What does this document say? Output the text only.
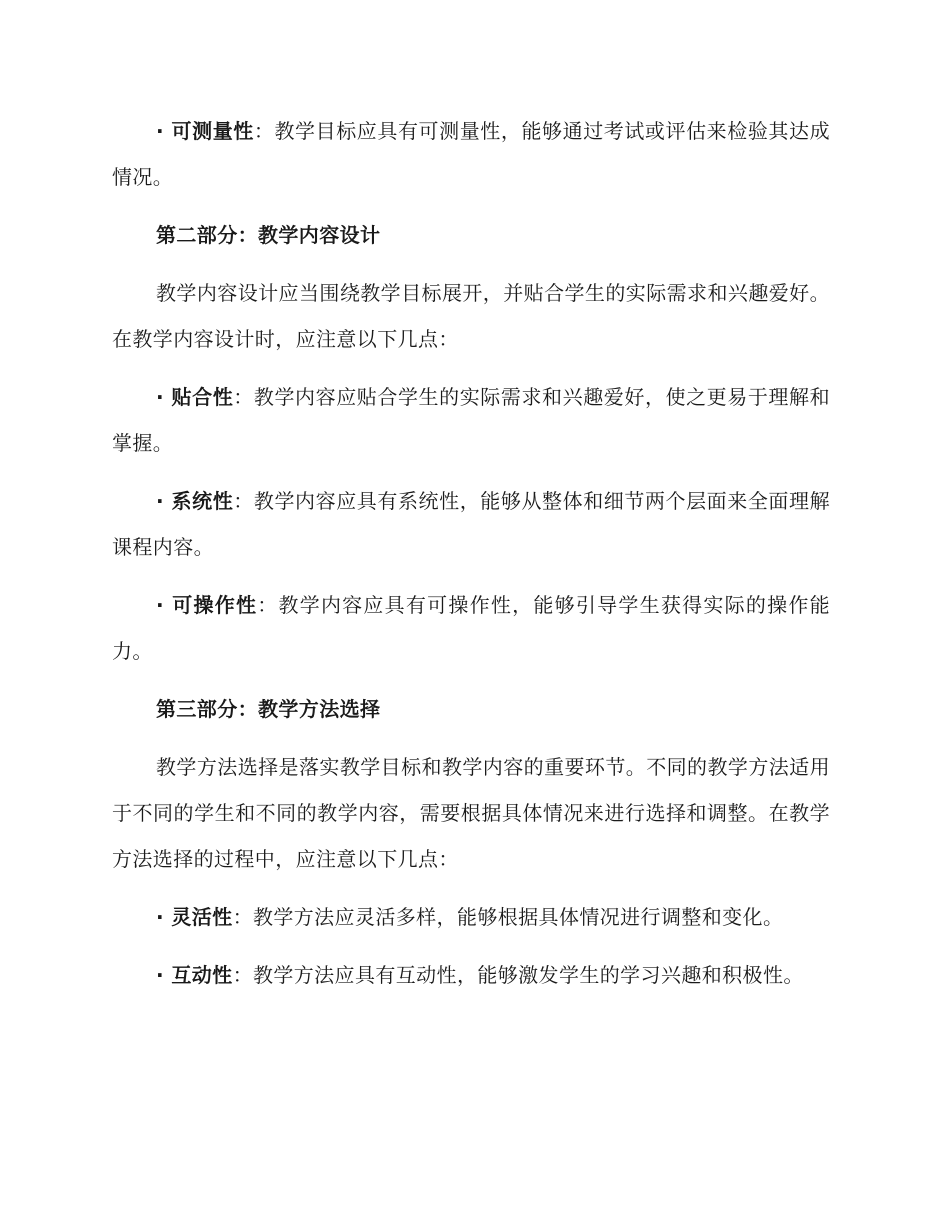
· 可测量性：教学目标应具有可测量性，能够通过考试或评估来检验其达成情况。

第二部分：教学内容设计

教学内容设计应当围绕教学目标展开，并贴合学生的实际需求和兴趣爱好。在教学内容设计时，应注意以下几点：

· 贴合性：教学内容应贴合学生的实际需求和兴趣爱好，使之更易于理解和掌握。

· 系统性：教学内容应具有系统性，能够从整体和细节两个层面来全面理解课程内容。

· 可操作性：教学内容应具有可操作性，能够引导学生获得实际的操作能力。

第三部分：教学方法选择

教学方法选择是落实教学目标和教学内容的重要环节。不同的教学方法适用于不同的学生和不同的教学内容，需要根据具体情况来进行选择和调整。在教学方法选择的过程中，应注意以下几点：

· 灵活性：教学方法应灵活多样，能够根据具体情况进行调整和变化。

· 互动性：教学方法应具有互动性，能够激发学生的学习兴趣和积极性。
